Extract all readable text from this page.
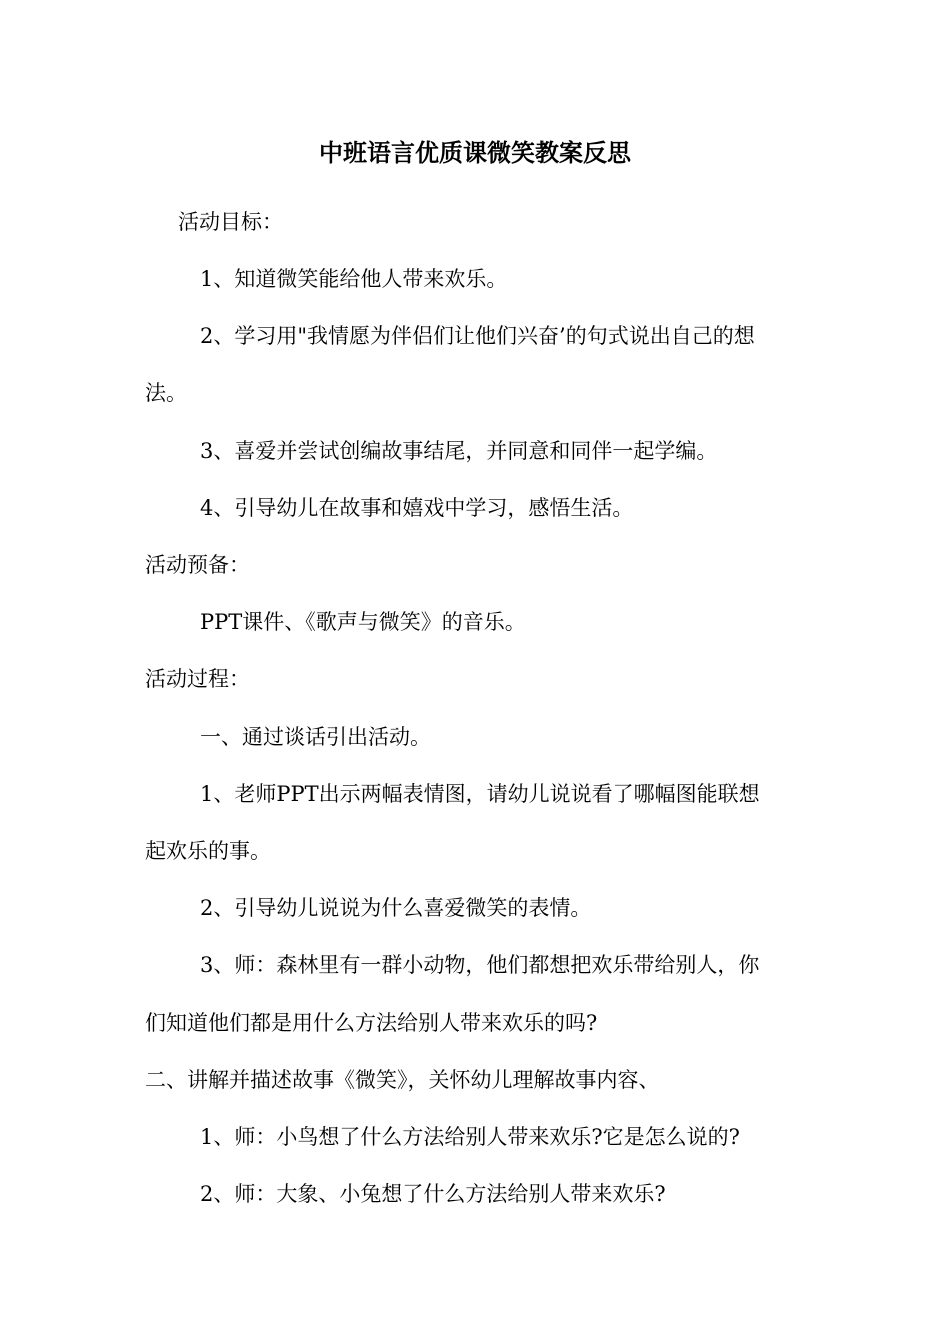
中班语言优质课微笑教案反思
活动目标：
1、知道微笑能给他人带来欢乐。
2、学习用"我情愿为伴侣们让他们兴奋’的句式说出自己的想
法。
3、喜爱并尝试创编故事结尾，并同意和同伴一起学编。
4、引导幼儿在故事和嬉戏中学习，感悟生活。
活动预备：
PPT课件、《歌声与微笑》的音乐。
活动过程：
一、通过谈话引出活动。
1、老师PPT出示两幅表情图，请幼儿说说看了哪幅图能联想
起欢乐的事。
2、引导幼儿说说为什么喜爱微笑的表情。
3、师：森林里有一群小动物，他们都想把欢乐带给别人，你
们知道他们都是用什么方法给别人带来欢乐的吗?
二、讲解并描述故事《微笑》，关怀幼儿理解故事内容、
1、师：小鸟想了什么方法给别人带来欢乐?它是怎么说的?
2、师：大象、小兔想了什么方法给别人带来欢乐?
